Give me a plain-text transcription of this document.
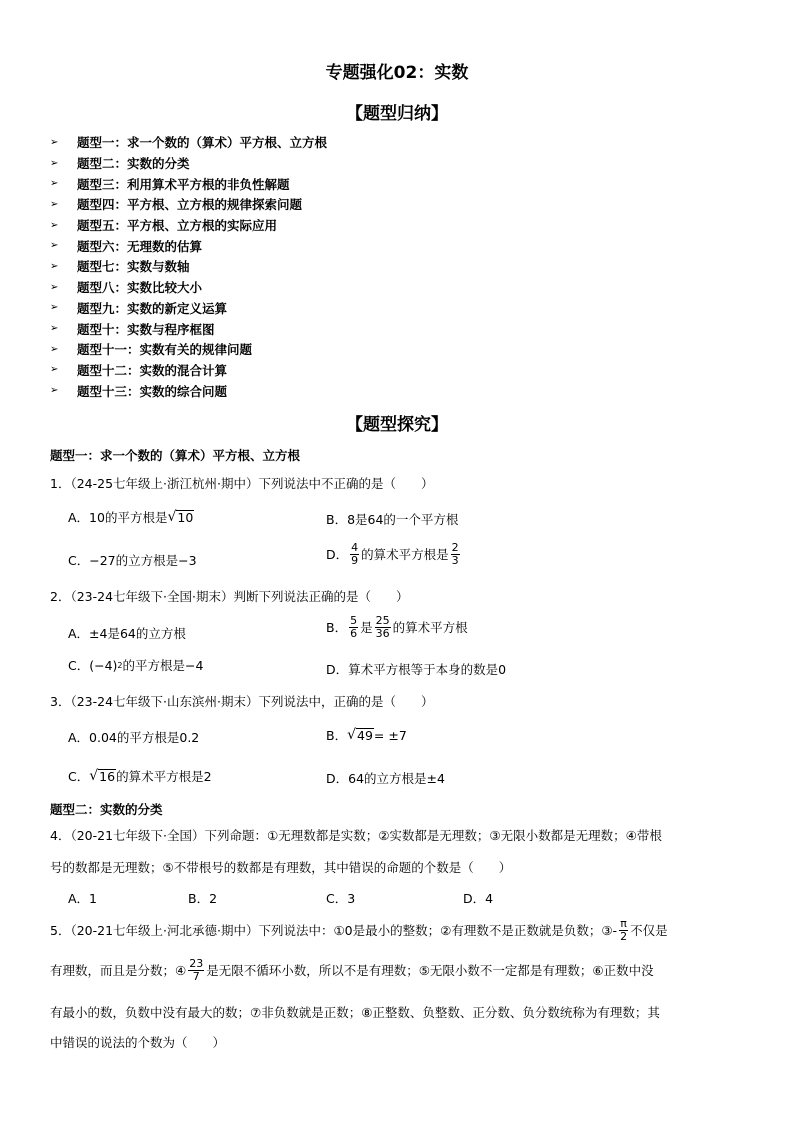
专题强化02：实数
【题型归纳】
➢	题型一：求一个数的（算术）平方根、立方根
➢	题型二：实数的分类
➢	题型三：利用算术平方根的非负性解题
➢	题型四：平方根、立方根的规律探索问题
➢	题型五：平方根、立方根的实际应用
➢	题型六：无理数的估算
➢	题型七：实数与数轴
➢	题型八：实数比较大小
➢	题型九：实数的新定义运算
➢	题型十：实数与程序框图
➢	题型十一：实数有关的规律问题
➢	题型十二：实数的混合计算
➢	题型十三：实数的综合问题
【题型探究】
题型一：求一个数的（算术）平方根、立方根
1．（24-25七年级上·浙江杭州·期中）下列说法中不正确的是（　　）
A．10的平方根是 √ 10	B．8是64的一个平方根
C．−27的立方根是−3	D． $\frac{4}{9}$ 的算术平方根是 $\frac{2}{3}$
2．（23-24七年级下·全国·期末）判断下列说法正确的是（　　）
A．±4是64的立方根	B． $\frac{5}{6}$ 是 $\frac{25}{36}$ 的算术平方根
C．(−4) 2 的平方根是−4	D．算术平方根等于本身的数是0
3．（23-24七年级下·山东滨州·期末）下列说法中，正确的是（　　）
A．0.04的平方根是0.2	B． √ 49 = ±7
C． √ 16 的算术平方根是2	D．64的立方根是±4
题型二：实数的分类
4．（20-21七年级下·全国）下列命题：①无理数都是实数；②实数都是无理数；③无限小数都是无理数；④带根
号的数都是无理数；⑤不带根号的数都是有理数，其中错误的命题的个数是（　　）
A．1	B．2	C．3	D．4
5．（20-21七年级上·河北承德·期中）下列说法中：①0是最小的整数；②有理数不是正数就是负数；③- $\frac{\pi}{2}$ 不仅是
有理数，而且是分数；④ $\frac{23}{7}$ 是无限不循环小数，所以不是有理数；⑤无限小数不一定都是有理数；⑥正数中没
有最小的数，负数中没有最大的数；⑦非负数就是正数；⑧正整数、负整数、正分数、负分数统称为有理数；其
中错误的说法的个数为（　　）
